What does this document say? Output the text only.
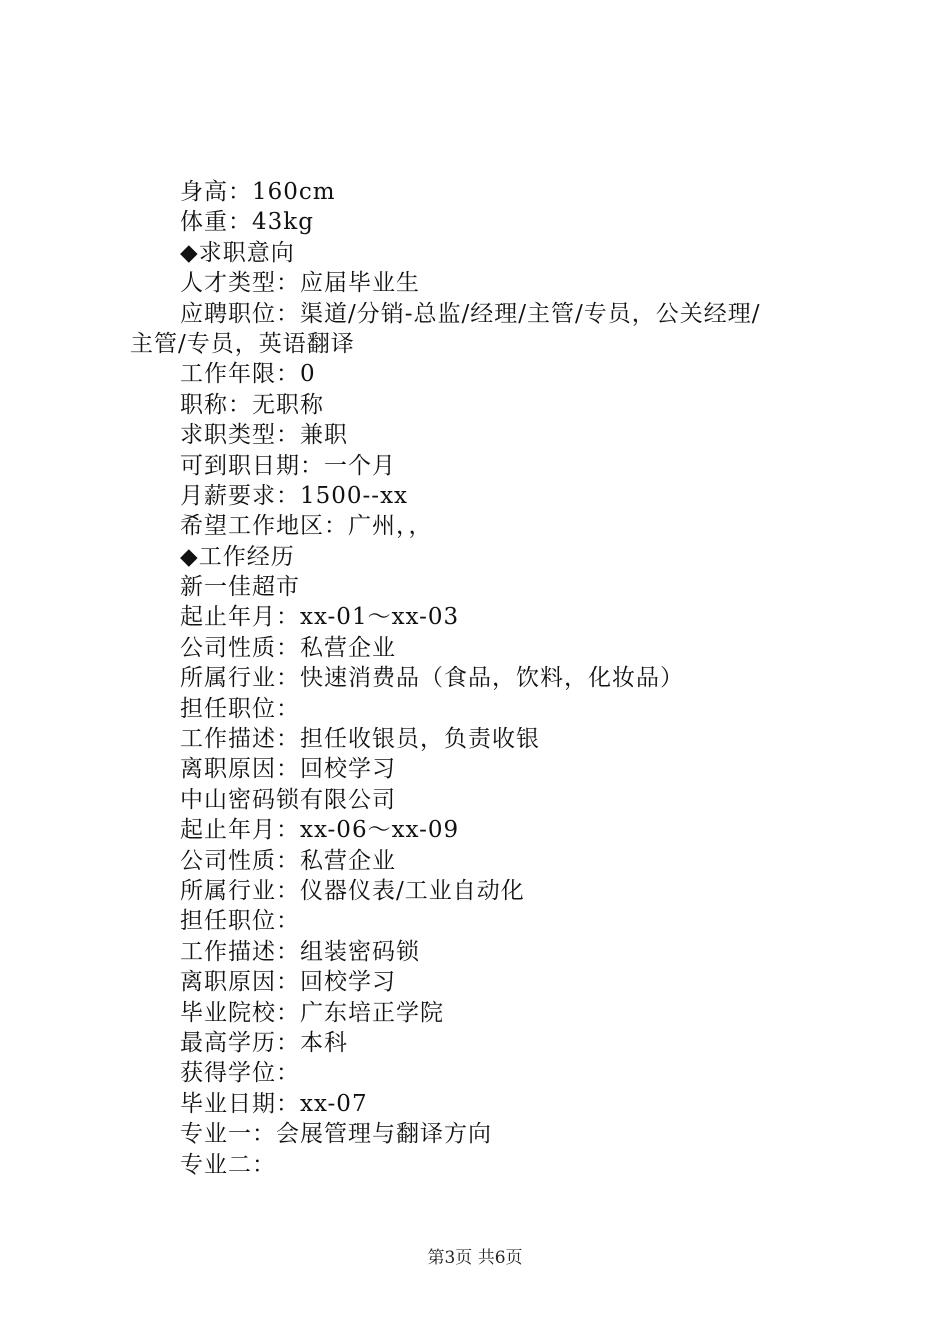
身高：160cm
体重：43kg
◆求职意向
人才类型：应届毕业生
应聘职位：渠道/分销-总监/经理/主管/专员，公关经理/
主管/专员，英语翻译
工作年限：0
职称：无职称
求职类型：兼职
可到职日期：一个月
月薪要求：1500--xx
希望工作地区：广州，，
◆工作经历
新一佳超市
起止年月：xx-01～xx-03
公司性质：私营企业
所属行业：快速消费品（食品，饮料，化妆品）
担任职位：
工作描述：担任收银员，负责收银
离职原因：回校学习
中山密码锁有限公司
起止年月：xx-06～xx-09
公司性质：私营企业
所属行业：仪器仪表/工业自动化
担任职位：
工作描述：组装密码锁
离职原因：回校学习
毕业院校：广东培正学院
最高学历：本科
获得学位：
毕业日期：xx-07
专业一：会展管理与翻译方向
专业二：
第3页 共6页
